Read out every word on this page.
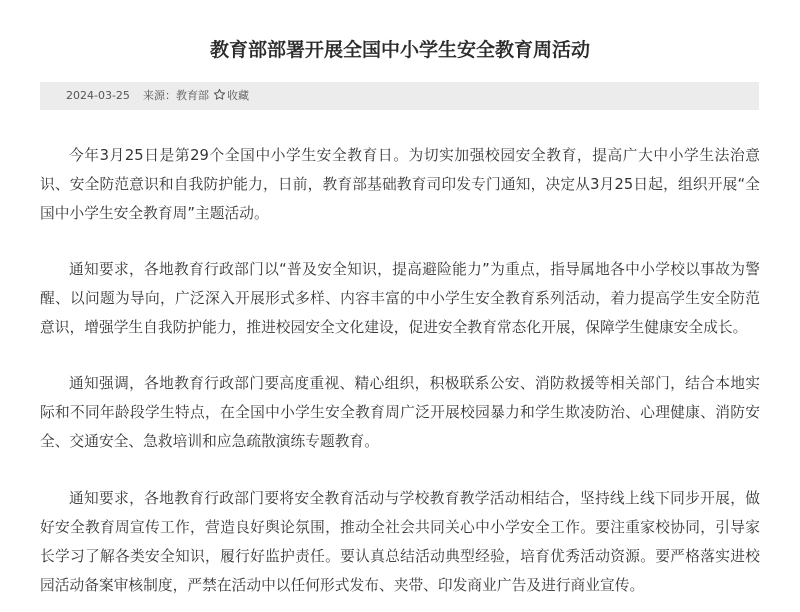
教育部部署开展全国中小学生安全教育周活动
2024-03-25 来源：教育部	收藏

今年3月25日是第29个全国中小学生安全教育日。为切实加强校园安全教育，提高广大中小学生法治意识、安全防范意识和自我防护能力，日前，教育部基础教育司印发专门通知，决定从3月25日起，组织开展“全国中小学生安全教育周”主题活动。

通知要求，各地教育行政部门以“普及安全知识，提高避险能力”为重点，指导属地各中小学校以事故为警醒、以问题为导向，广泛深入开展形式多样、内容丰富的中小学生安全教育系列活动，着力提高学生安全防范意识，增强学生自我防护能力，推进校园安全文化建设，促进安全教育常态化开展，保障学生健康安全成长。

通知强调，各地教育行政部门要高度重视、精心组织，积极联系公安、消防救援等相关部门，结合本地实际和不同年龄段学生特点，在全国中小学生安全教育周广泛开展校园暴力和学生欺凌防治、心理健康、消防安全、交通安全、急救培训和应急疏散演练专题教育。

通知要求，各地教育行政部门要将安全教育活动与学校教育教学活动相结合，坚持线上线下同步开展，做好安全教育周宣传工作，营造良好舆论氛围，推动全社会共同关心中小学安全工作。要注重家校协同，引导家长学习了解各类安全知识，履行好监护责任。要认真总结活动典型经验，培育优秀活动资源。要严格落实进校园活动备案审核制度，严禁在活动中以任何形式发布、夹带、印发商业广告及进行商业宣传。
